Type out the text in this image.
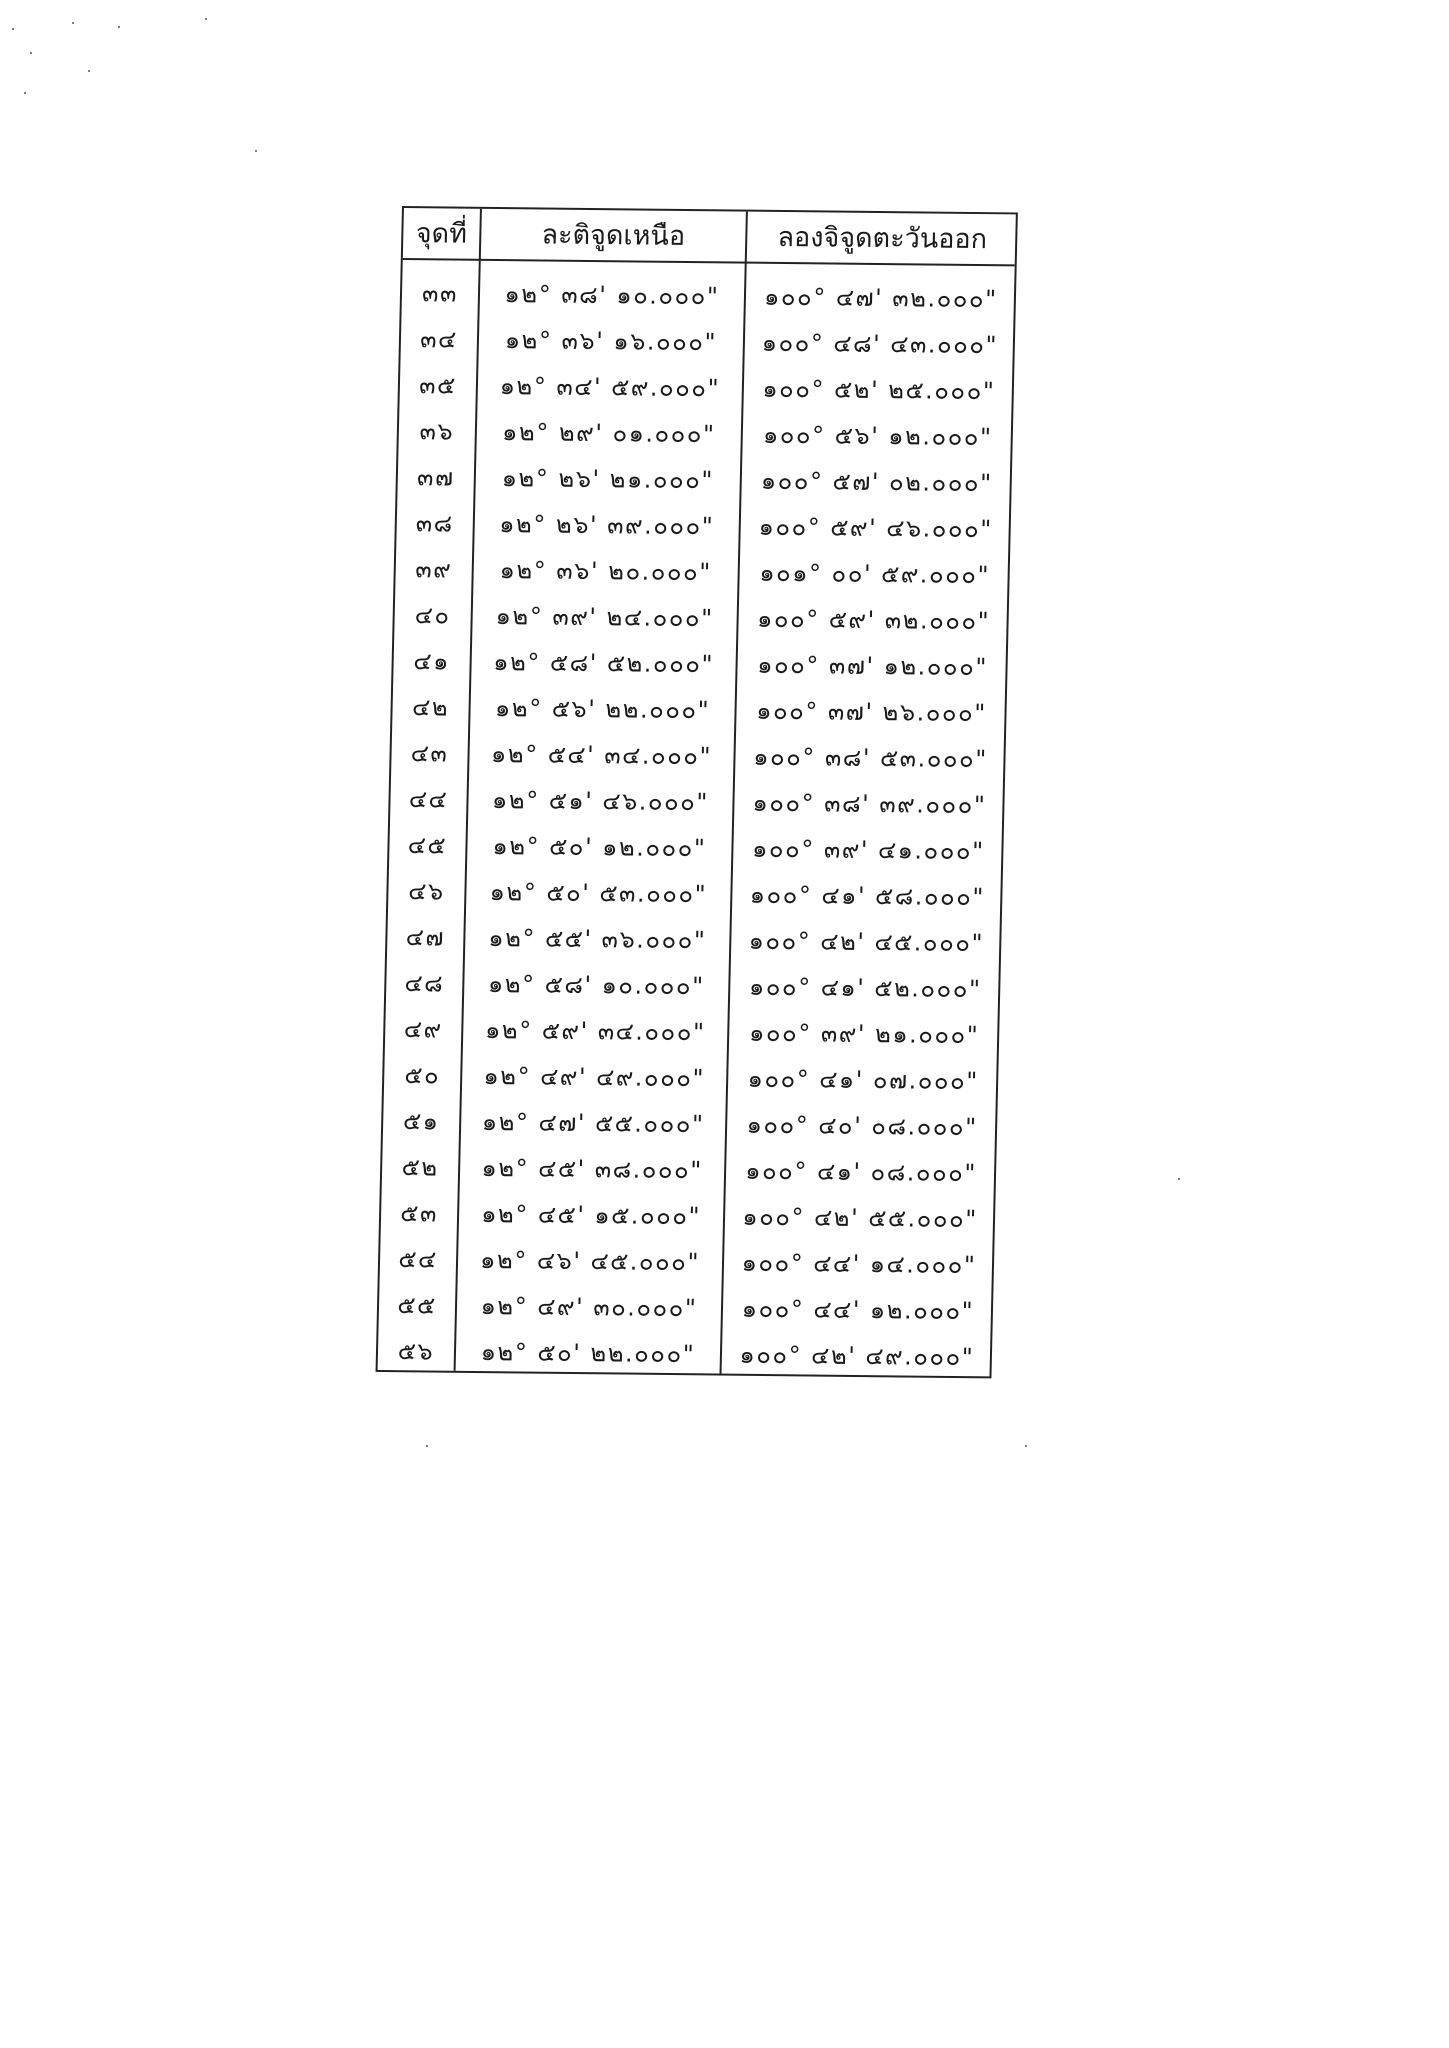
จุดที่	ละติจูดเหนือ	ลองจิจูดตะวันออก
๓๓	๑๒° ๓๘' ๑๐.๐๐๐"	๑๐๐° ๔๗' ๓๒.๐๐๐"
๓๔	๑๒° ๓๖' ๑๖.๐๐๐"	๑๐๐° ๔๘' ๔๓.๐๐๐"
๓๕	๑๒° ๓๔' ๕๙.๐๐๐"	๑๐๐° ๕๒' ๒๕.๐๐๐"
๓๖	๑๒° ๒๙' ๐๑.๐๐๐"	๑๐๐° ๕๖' ๑๒.๐๐๐"
๓๗	๑๒° ๒๖' ๒๑.๐๐๐"	๑๐๐° ๕๗' ๐๒.๐๐๐"
๓๘	๑๒° ๒๖' ๓๙.๐๐๐"	๑๐๐° ๕๙' ๔๖.๐๐๐"
๓๙	๑๒° ๓๖' ๒๐.๐๐๐"	๑๐๑° ๐๐' ๕๙.๐๐๐"
๔๐	๑๒° ๓๙' ๒๔.๐๐๐"	๑๐๐° ๕๙' ๓๒.๐๐๐"
๔๑	๑๒° ๕๘' ๕๒.๐๐๐"	๑๐๐° ๓๗' ๑๒.๐๐๐"
๔๒	๑๒° ๕๖' ๒๒.๐๐๐"	๑๐๐° ๓๗' ๒๖.๐๐๐"
๔๓	๑๒° ๕๔' ๓๔.๐๐๐"	๑๐๐° ๓๘' ๕๓.๐๐๐"
๔๔	๑๒° ๕๑' ๔๖.๐๐๐"	๑๐๐° ๓๘' ๓๙.๐๐๐"
๔๕	๑๒° ๕๐' ๑๒.๐๐๐"	๑๐๐° ๓๙' ๔๑.๐๐๐"
๔๖	๑๒° ๕๐' ๕๓.๐๐๐"	๑๐๐° ๔๑' ๕๘.๐๐๐"
๔๗	๑๒° ๕๕' ๓๖.๐๐๐"	๑๐๐° ๔๒' ๔๕.๐๐๐"
๔๘	๑๒° ๕๘' ๑๐.๐๐๐"	๑๐๐° ๔๑' ๕๒.๐๐๐"
๔๙	๑๒° ๕๙' ๓๔.๐๐๐"	๑๐๐° ๓๙' ๒๑.๐๐๐"
๕๐	๑๒° ๔๙' ๔๙.๐๐๐"	๑๐๐° ๔๑' ๐๗.๐๐๐"
๕๑	๑๒° ๔๗' ๕๕.๐๐๐"	๑๐๐° ๔๐' ๐๘.๐๐๐"
๕๒	๑๒° ๔๕' ๓๘.๐๐๐"	๑๐๐° ๔๑' ๐๘.๐๐๐"
๕๓	๑๒° ๔๕' ๑๕.๐๐๐"	๑๐๐° ๔๒' ๕๕.๐๐๐"
๕๔	๑๒° ๔๖' ๔๕.๐๐๐"	๑๐๐° ๔๔' ๑๔.๐๐๐"
๕๕	๑๒° ๔๙' ๓๐.๐๐๐"	๑๐๐° ๔๔' ๑๒.๐๐๐"
๕๖	๑๒° ๕๐' ๒๒.๐๐๐"	๑๐๐° ๔๒' ๔๙.๐๐๐"
